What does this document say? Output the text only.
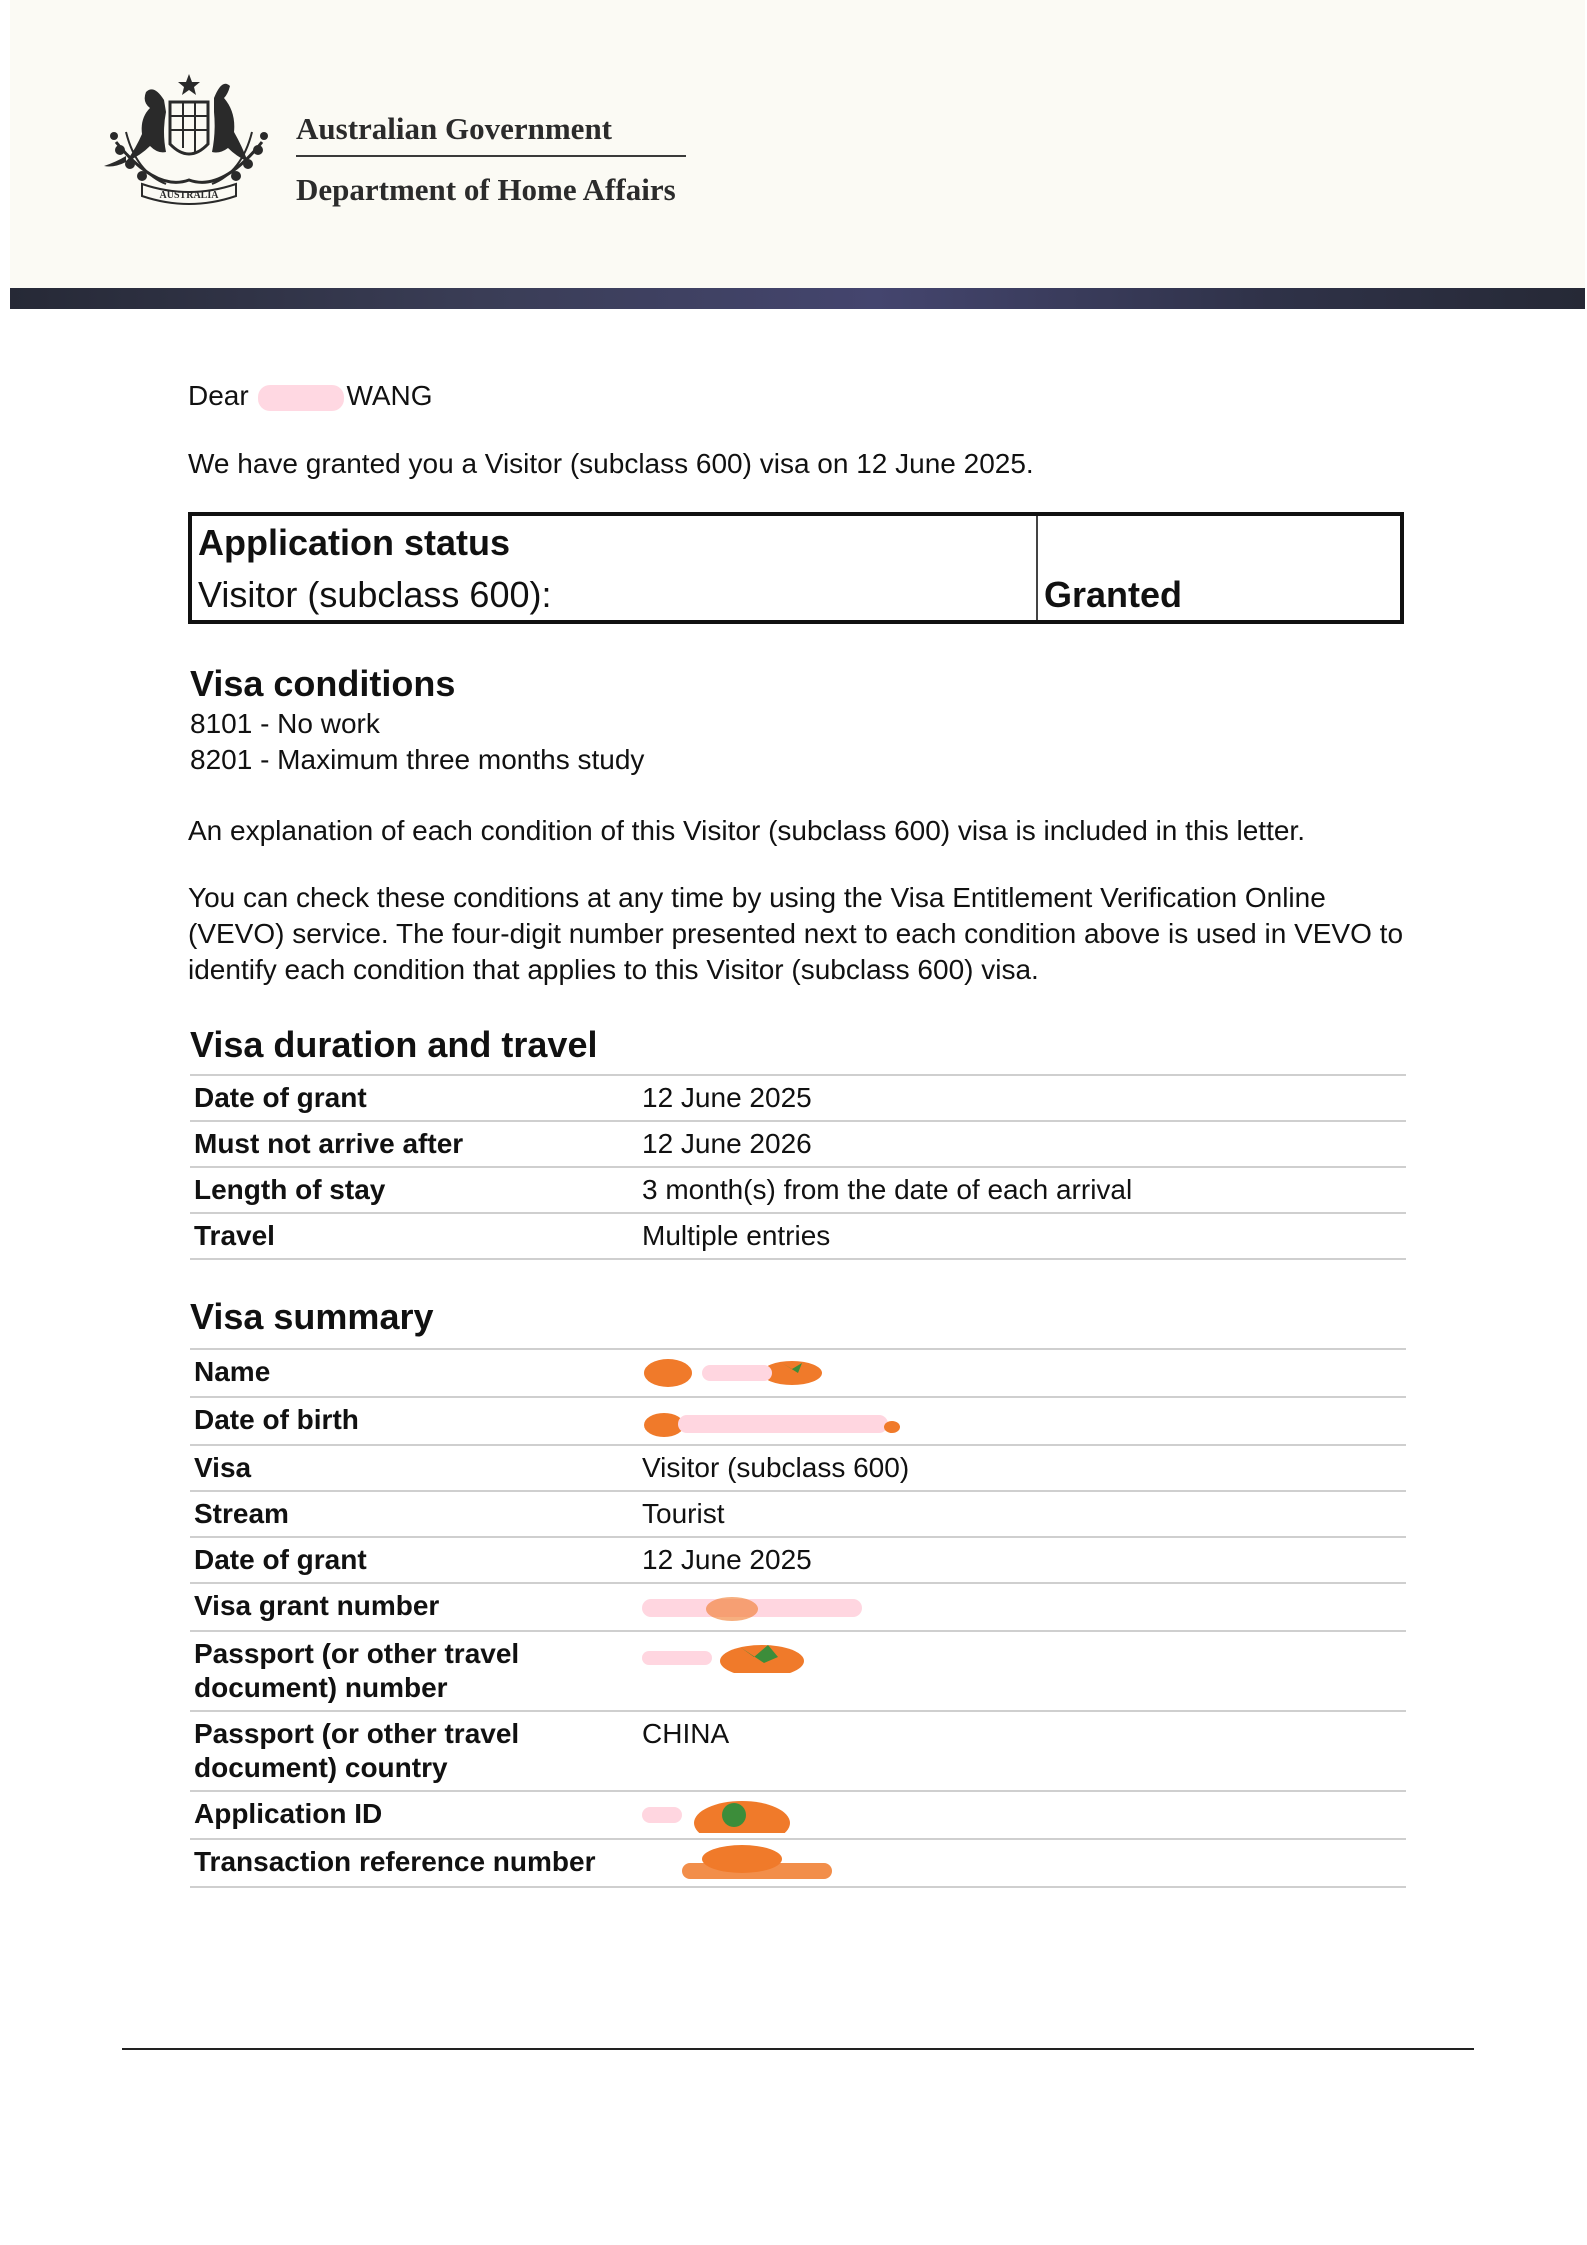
AUSTRALIA
Australian Government
Department of Home Affairs
Dear	WANG
We have granted you a Visitor (subclass 600) visa on 12 June 2025.
Application status
Visitor (subclass 600):	Granted
Visa conditions
8101 - No work
8201 - Maximum three months study
An explanation of each condition of this Visitor (subclass 600) visa is included in this letter.
You can check these conditions at any time by using the Visa Entitlement Verification Online (VEVO) service. The four-digit number presented next to each condition above is used in VEVO to identify each condition that applies to this Visitor (subclass 600) visa.
Visa duration and travel
Date of grant	12 June 2025
Must not arrive after	12 June 2026
Length of stay	3 month(s) from the date of each arrival
Travel	Multiple entries
Visa summary
Name	
Date of birth	
Visa	Visitor (subclass 600)
Stream	Tourist
Date of grant	12 June 2025
Visa grant number	
Passport (or other travel document) number	
Passport (or other travel document) country	CHINA
Application ID	
Transaction reference number	
